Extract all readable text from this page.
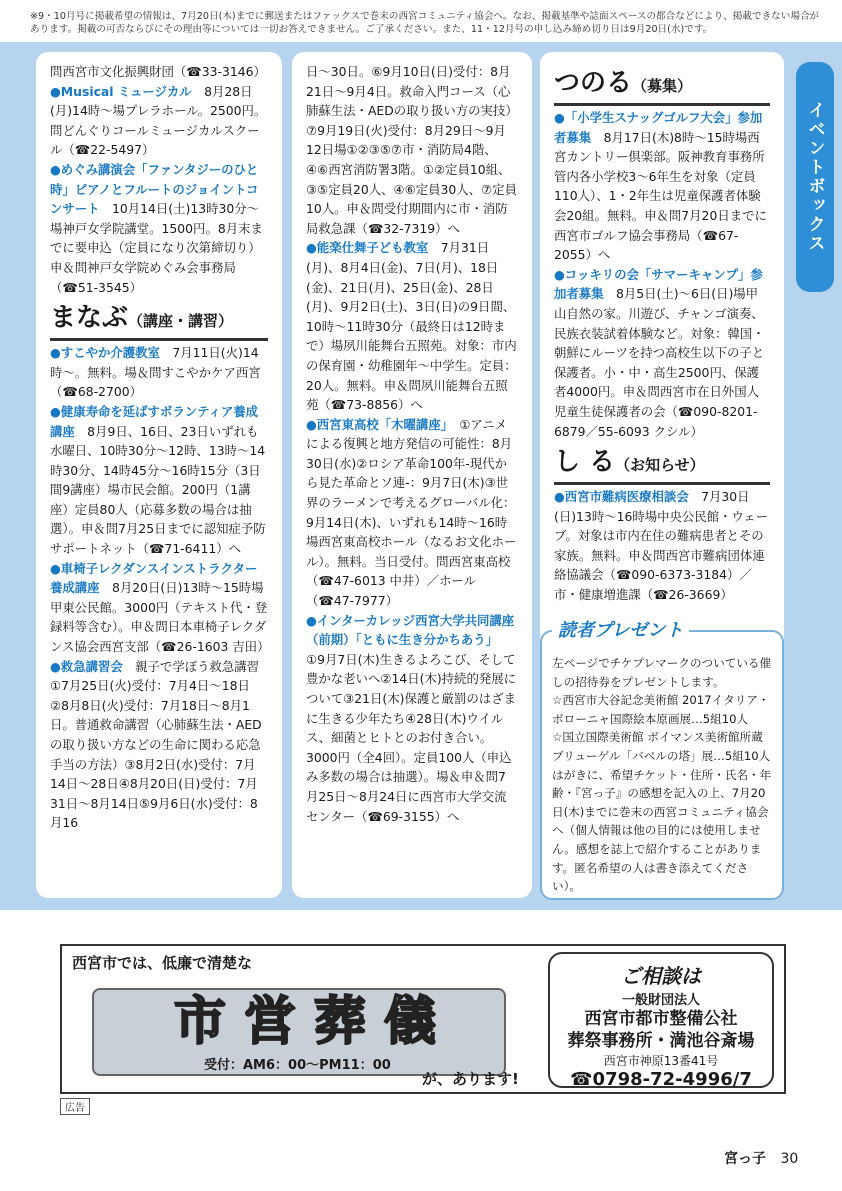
※9・10月号に掲載希望の情報は、7月20日(木)までに郵送またはファックスで巻末の西宮コミュニティ協会へ。なお、掲載基準や誌面スペースの都合などにより、掲載できない場合があります。掲載の可否ならびにその理由等については一切お答えできません。ご了承ください。また、11・12月号の申し込み締め切り日は9月20日(水)です。
イベントボックス

問西宮市文化振興財団（☎33-3146）

●Musical ミュージカル　 8月28日(月)14時～場プレラホール。2500円。問どんぐりコールミュージカルスクール（☎22-5497）

●めぐみ講演会「ファンタジーのひと時」ピアノとフルートのジョイントコンサート　 10月14日(土)13時30分～場神戸女学院講堂。1500円。8月末までに要申込（定員になり次第締切り）申＆問神戸女学院めぐみ会事務局（☎51-3545）

まなぶ（講座・講習）

●すこやか介護教室　 7月11日(火)14時～。無料。場＆問すこやかケア西宮（☎68-2700）

●健康寿命を延ばすボランティア養成講座　 8月9日、16日、23日いずれも水曜日、10時30分～12時、13時～14時30分、14時45分～16時15分（3日間9講座）場市民会館。200円（1講座）定員80人（応募多数の場合は抽選）。申＆問7月25日までに認知症予防サポートネット（☎71-6411）へ

●車椅子レクダンスインストラクター養成講座　 8月20日(日)13時～15時場甲東公民館。3000円（テキスト代・登録料等含む）。申＆問日本車椅子レクダンス協会西宮支部（☎26-1603 吉田）

●救急講習会　 親子で学ぼう救急講習 ①7月25日(火)受付：7月4日～18日②8月8日(火)受付：7月18日～8月1日。普通救命講習（心肺蘇生法・AEDの取り扱い方などの生命に関わる応急手当の方法）③8月2日(水)受付：7月14日～28日④8月20日(日)受付：7月31日～8月14日⑤9月6日(水)受付：8月16

日～30日。⑥9月10日(日)受付：8月21日～9月4日。救命入門コース（心肺蘇生法・AEDの取り扱い方の実技）⑦9月19日(火)受付：8月29日～9月12日場①②③⑤⑦市・消防局4階、④⑥西宮消防署3階。①②定員10組、③⑤定員20人、④⑥定員30人、⑦定員10人。申＆問受付期間内に市・消防局救急課（☎32-7319）へ

●能楽仕舞子ども教室　 7月31日(月)、8月4日(金)、7日(月)、18日(金)、21日(月)、25日(金)、28日(月)、9月2日(土)、3日(日)の9日間、10時～11時30分（最終日は12時まで）場夙川能舞台五照苑。対象：市内の保育園・幼稚園年～中学生。定員：20人。無料。申＆問夙川能舞台五照苑（☎73-8856）へ

●西宮東高校「木曜講座」　 ①アニメによる復興と地方発信の可能性：8月30日(水)②ロシア革命100年-現代から見た革命とソ連-：9月7日(木)③世界のラーメンで考えるグローバル化：9月14日(木)、いずれも14時～16時場西宮東高校ホール（なるお文化ホール）。無料。当日受付。問西宮東高校（☎47-6013 中井）／ホール（☎47-7977）

●インターカレッジ西宮大学共同講座（前期）「ともに生き分かちあう」　①9月7日(木)生きるよろこび、そして豊かな老いへ②14日(木)持続的発展について③21日(木)保護と厳罰のはざまに生きる少年たち④28日(木)ウイルス、細菌とヒトとのお付き合い。3000円（全4回）。定員100人（申込み多数の場合は抽選）。場＆申＆問7月25日～8月24日に西宮市大学交流センター（☎69-3155）へ

つのる（募集）

●「小学生スナッグゴルフ大会」参加者募集　 8月17日(木)8時～15時場西宮カントリー倶楽部。阪神教育事務所管内各小学校3～6年生を対象（定員110人）、1・2年生は児童保護者体験会20組。無料。申＆問7月20日までに西宮市ゴルフ協会事務局（☎67-2055）へ

●コッキリの会「サマーキャンプ」参加者募集　 8月5日(土)～6日(日)場甲山自然の家。川遊び、チャンゴ演奏、民族衣装試着体験など。対象：韓国・朝鮮にルーツを持つ高校生以下の子と保護者。小・中・高生2500円、保護者4000円。申＆問西宮市在日外国人児童生徒保護者の会（☎090-8201-6879／55-6093 クシル）

し る（お知らせ）

●西宮市難病医療相談会　 7月30日(日)13時～16時場中央公民館・ウェーブ。対象は市内在住の難病患者とその家族。無料。申＆問西宮市難病団体連絡協議会（☎090-6373-3184）／市・健康増進課（☎26-3669）

左ページでチケプレマークのついている催しの招待券をプレゼントします。

☆西宮市大谷記念美術館 2017イタリア・ボローニャ国際絵本原画展…5組10人

☆国立国際美術館 ボイマンス美術館所蔵 ブリューゲル「バベルの塔」展…5組10人

はがきに、希望チケット・住所・氏名・年齢・『宮っ子』の感想を記入の上、7月20日(木)までに巻末の西宮コミュニティ協会へ（個人情報は他の目的には使用しません。感想を誌上で紹介することがあります。匿名希望の人は書き添えてください）。

読者プレゼント
西宮市では、低廉で清楚な
市営葬儀
受付：AM6：00～PM11：00
が、あります!
ご相談は
一般財団法人
西宮市都市整備公社
葬祭事務所・満池谷斎場
西宮市神原13番41号
☎0798-72-4996/7
広告
宮っ子 30
